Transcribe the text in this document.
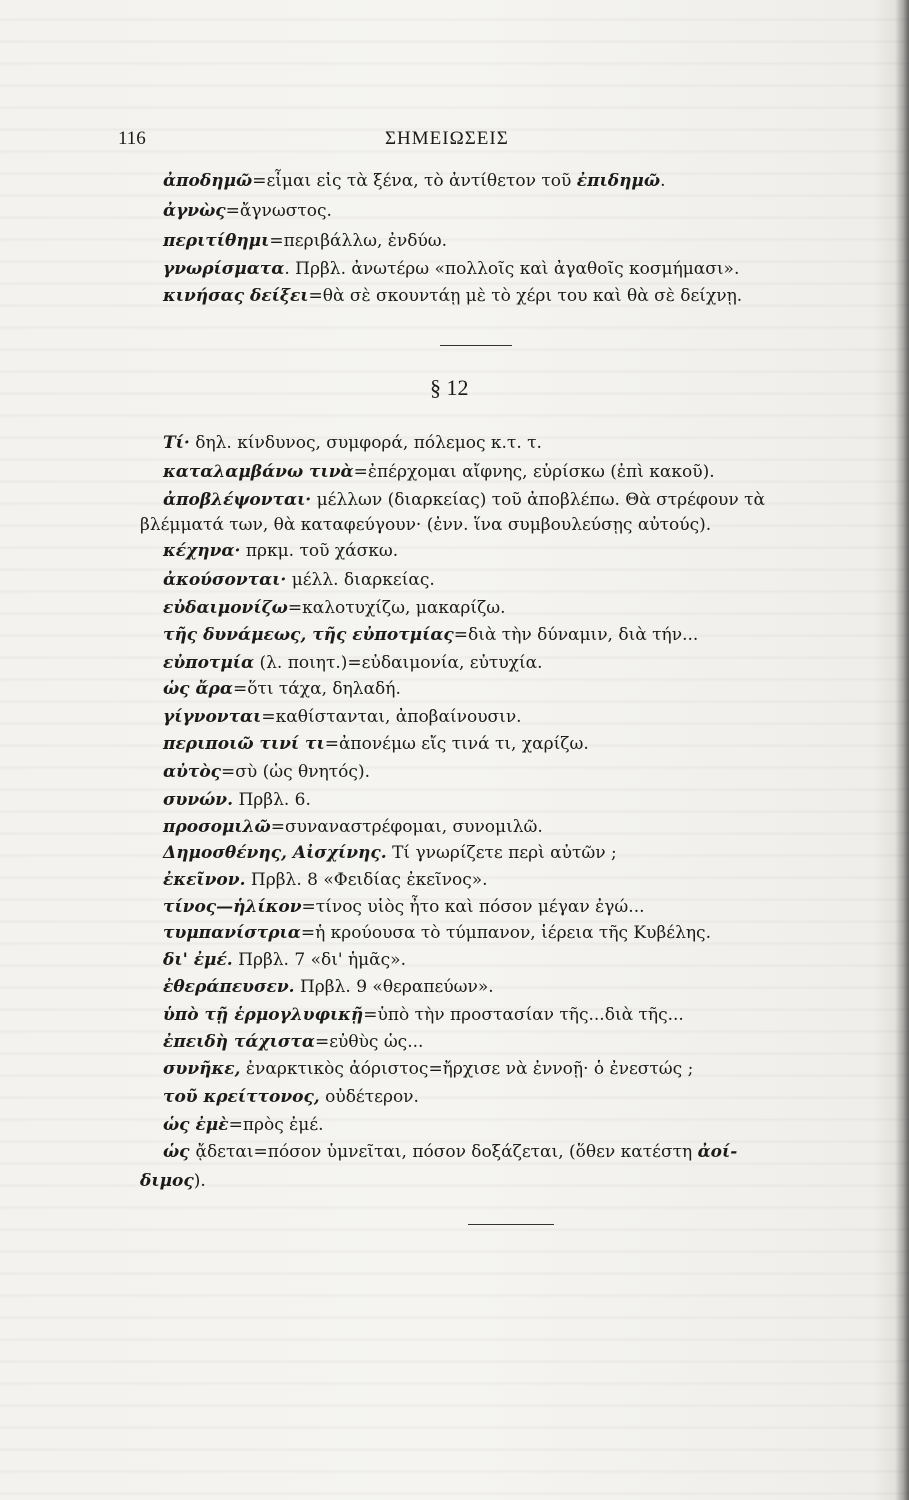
116	ΣΗΜΕΙΩΣΕΙΣ
ἀποδημῶ=εἶμαι εἰς τὰ ξένα, τὸ ἀντίθετον τοῦ ἐπιδημῶ.
ἀγνὼς=ἄγνωστος.
περιτίθημι=περιβάλλω, ἐνδύω.
γνωρίσματα. Πρβλ. ἀνωτέρω «πολλοῖς καὶ ἀγαθοῖς κοσμήμασι».
κινήσας δείξει=θὰ σὲ σκουντάῃ μὲ τὸ χέρι του καὶ θὰ σὲ δείχνῃ.
§ 12
Τί· δηλ. κίνδυνος, συμφορά, πόλεμος κ.τ. τ.
καταλαμβάνω τινὰ=ἐπέρχομαι αἴφνης, εὑρίσκω (ἐπὶ κακοῦ).
ἀποβλέψονται· μέλλων (διαρκείας) τοῦ ἀποβλέπω. Θὰ στρέφουν τὰ
βλέμματά των, θὰ καταφεύγουν· (ἐνν. ἵνα συμβουλεύσῃς αὐτούς).
κέχηνα· πρκμ. τοῦ χάσκω.
ἀκούσονται· μέλλ. διαρκείας.
εὐδαιμονίζω=καλοτυχίζω, μακαρίζω.
τῆς δυνάμεως, τῆς εὐποτμίας=διὰ τὴν δύναμιν, διὰ τήν...
εὐποτμία (λ. ποιητ.)=εὐδαιμονία, εὐτυχία.
ὡς ἄρα=ὅτι τάχα, δηλαδή.
γίγνονται=καθίστανται, ἀποβαίνουσιν.
περιποιῶ τινί τι=ἀπονέμω εἴς τινά τι, χαρίζω.
αὐτὸς=σὺ (ὡς θνητός).
συνών. Πρβλ. 6.
προσομιλῶ=συναναστρέφομαι, συνομιλῶ.
Δημοσθένης, Αἰσχίνης. Τί γνωρίζετε περὶ αὐτῶν ;
ἐκεῖνον. Πρβλ. 8 «Φειδίας ἐκεῖνος».
τίνος—ἡλίκον=τίνος υἱὸς ἦτο καὶ πόσον μέγαν ἐγώ...
τυμπανίστρια=ἡ κρούουσα τὸ τύμπανον, ἱέρεια τῆς Κυβέλης.
δι' ἐμέ. Πρβλ. 7 «δι' ἡμᾶς».
ἐθεράπευσεν. Πρβλ. 9 «θεραπεύων».
ὑπὸ τῇ ἑρμογλυφικῇ=ὑπὸ τὴν προστασίαν τῆς...διὰ τῆς...
ἐπειδὴ τάχιστα=εὐθὺς ὡς...
συνῆκε, ἐναρκτικὸς ἀόριστος=ἤρχισε νὰ ἐννοῇ· ὁ ἐνεστώς ;
τοῦ κρείττονος, οὐδέτερον.
ὡς ἐμὲ=πρὸς ἐμέ.
ὡς ᾄδεται=πόσον ὑμνεῖται, πόσον δοξάζεται, (ὅθεν κατέστη ἀοί-
διμος).
